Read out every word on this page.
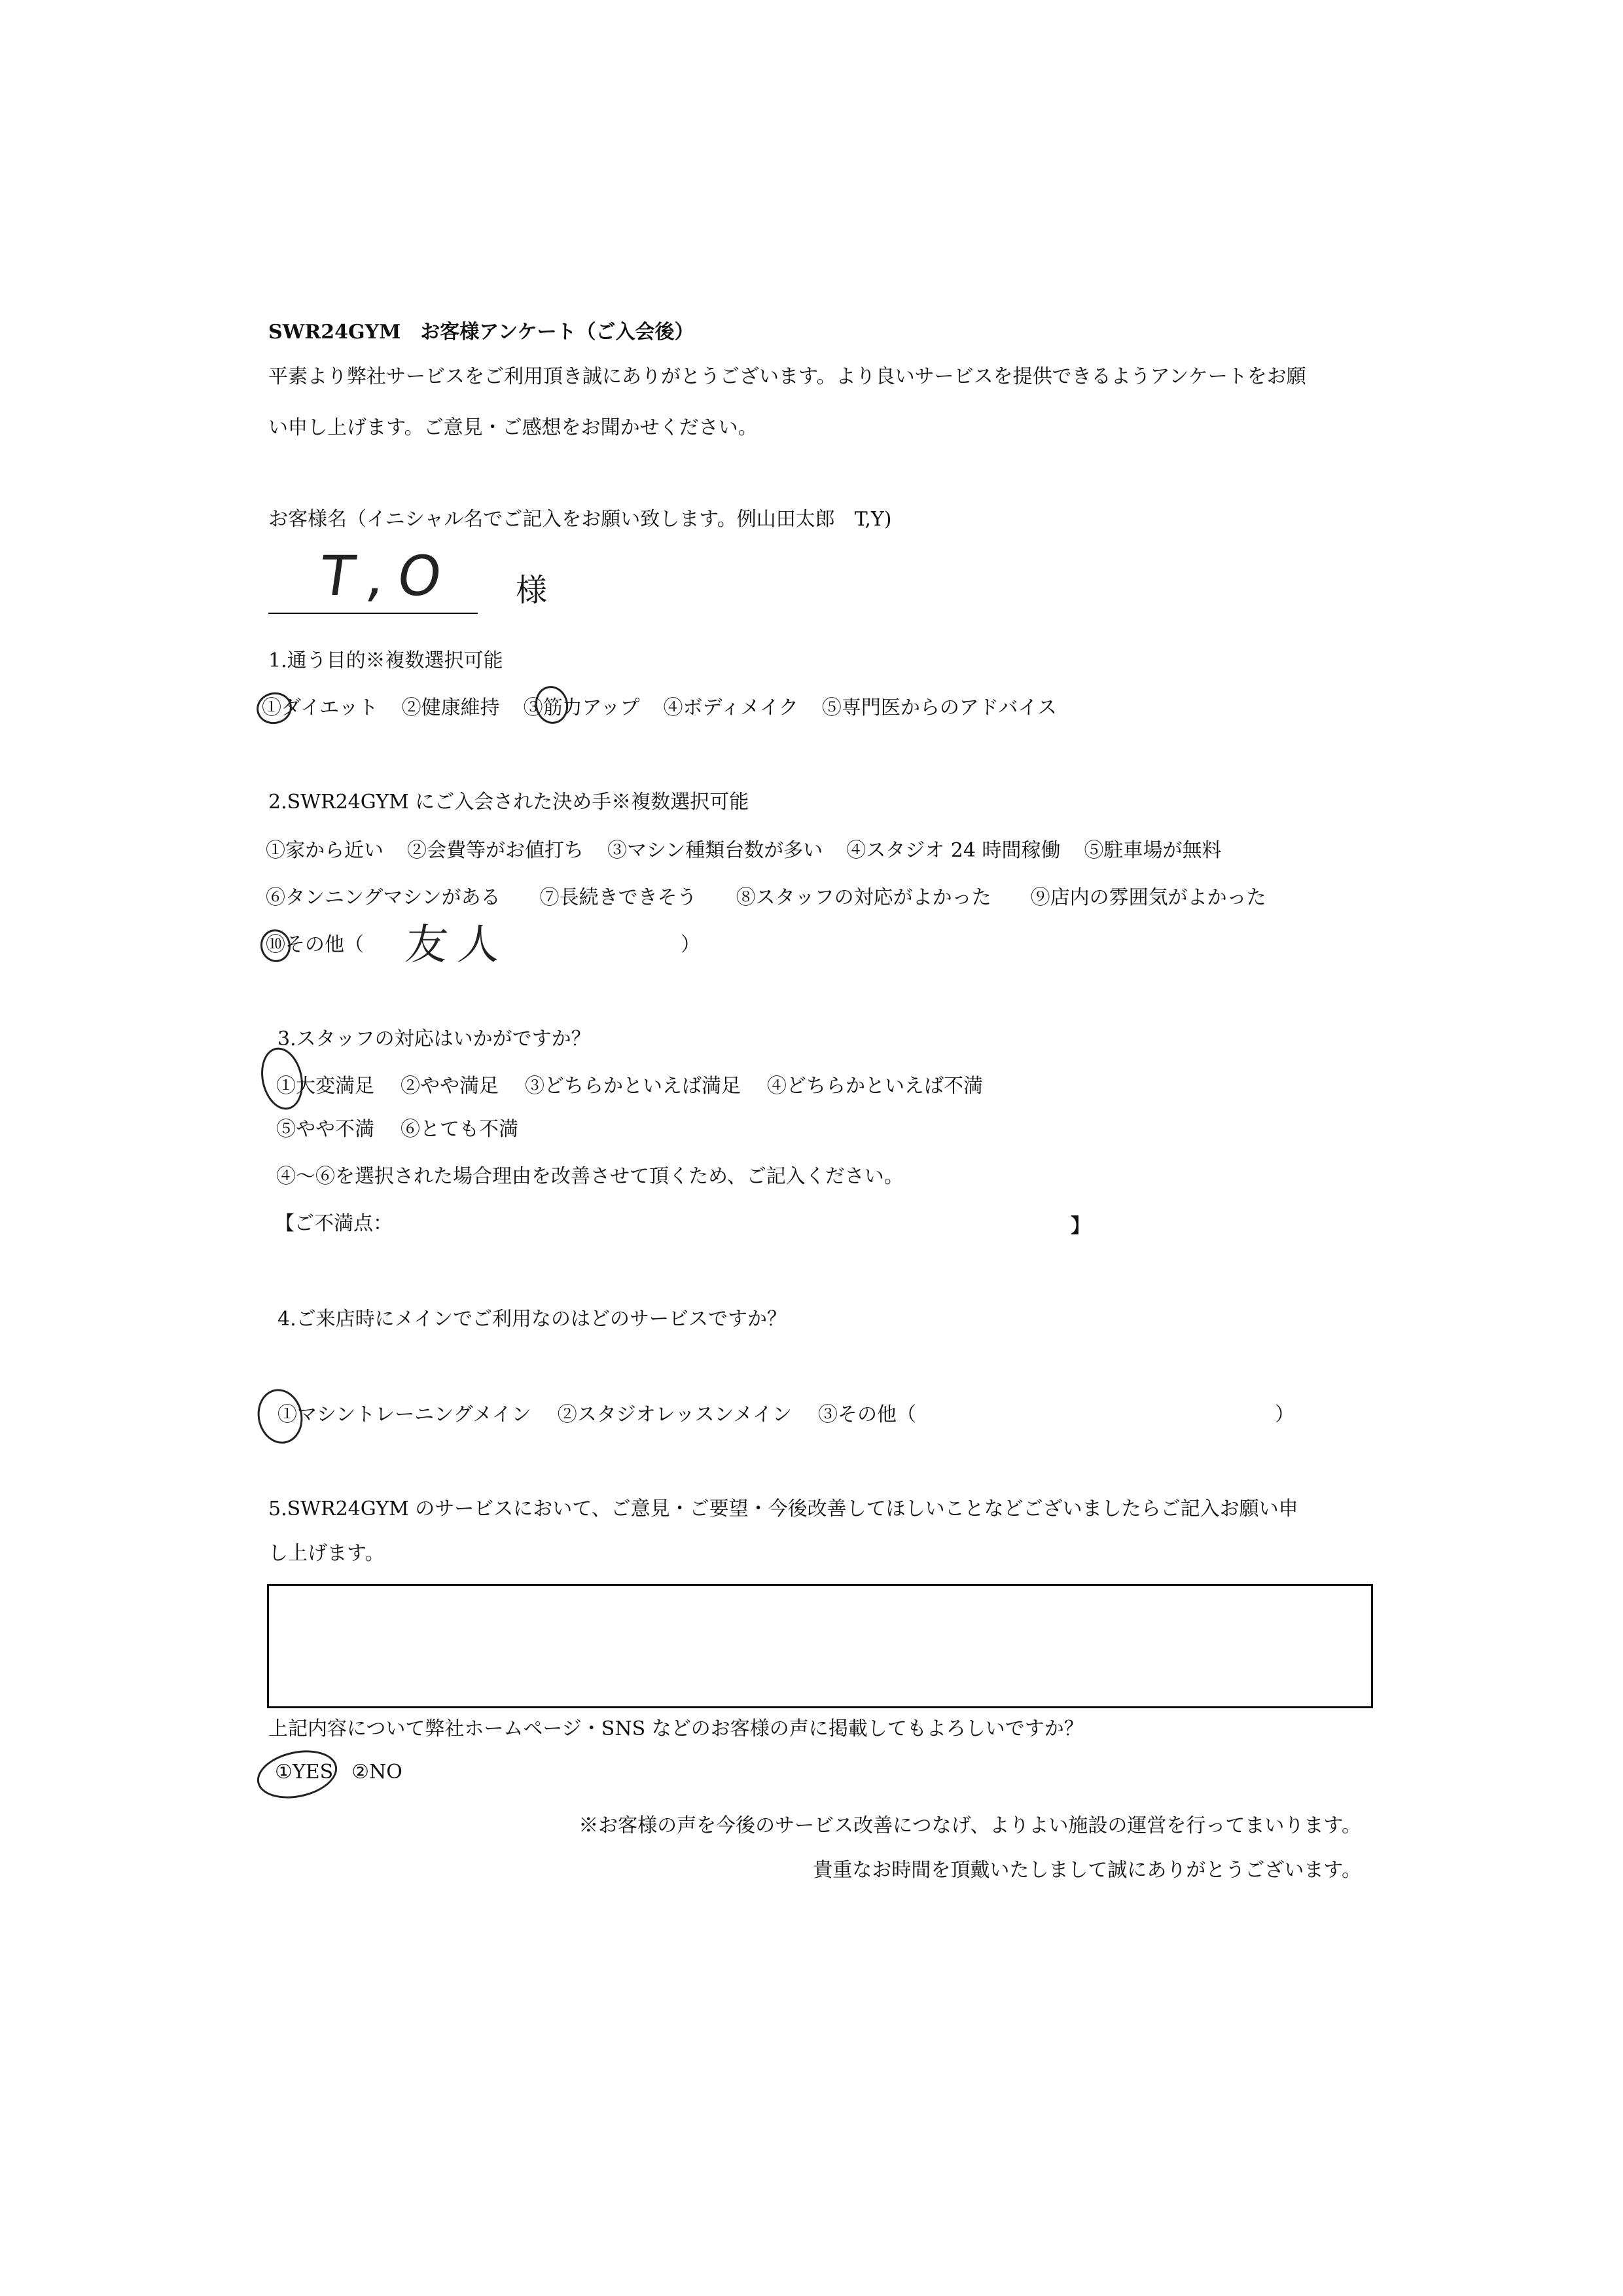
SWR24GYM　お客様アンケート（ご入会後）
平素より弊社サービスをご利用頂き誠にありがとうございます。より良いサービスを提供できるようアンケートをお願
い申し上げます。ご意見・ご感想をお聞かせください。
お客様名（イニシャル名でご記入をお願い致します。例山田太郎　T,Y)
T,O 様
1.通う目的※複数選択可能
①ダイエット ②健康維持 ③筋力アップ ④ボディメイク ⑤専門医からのアドバイス
2.SWR24GYM にご入会された決め手※複数選択可能
①家から近い ②会費等がお値打ち ③マシン種類台数が多い ④スタジオ 24 時間稼働 ⑤駐車場が無料
⑥タンニングマシンがある ⑦長続きできそう ⑧スタッフの対応がよかった ⑨店内の雰囲気がよかった
⑩その他（ 友人	）
3.スタッフの対応はいかがですか？
①大変満足 ②やや満足 ③どちらかといえば満足 ④どちらかといえば不満
⑤やや不満 ⑥とても不満
④～⑥を選択された場合理由を改善させて頂くため、ご記入ください。
【ご不満点：	】
4.ご来店時にメインでご利用なのはどのサービスですか？
①マシントレーニングメイン ②スタジオレッスンメイン ③その他（	）
5.SWR24GYM のサービスにおいて、ご意見・ご要望・今後改善してほしいことなどございましたらご記入お願い申
し上げます。
上記内容について弊社ホームページ・SNS などのお客様の声に掲載してもよろしいですか？
①YES ②NO
※お客様の声を今後のサービス改善につなげ、よりよい施設の運営を行ってまいります。
貴重なお時間を頂戴いたしまして誠にありがとうございます。
